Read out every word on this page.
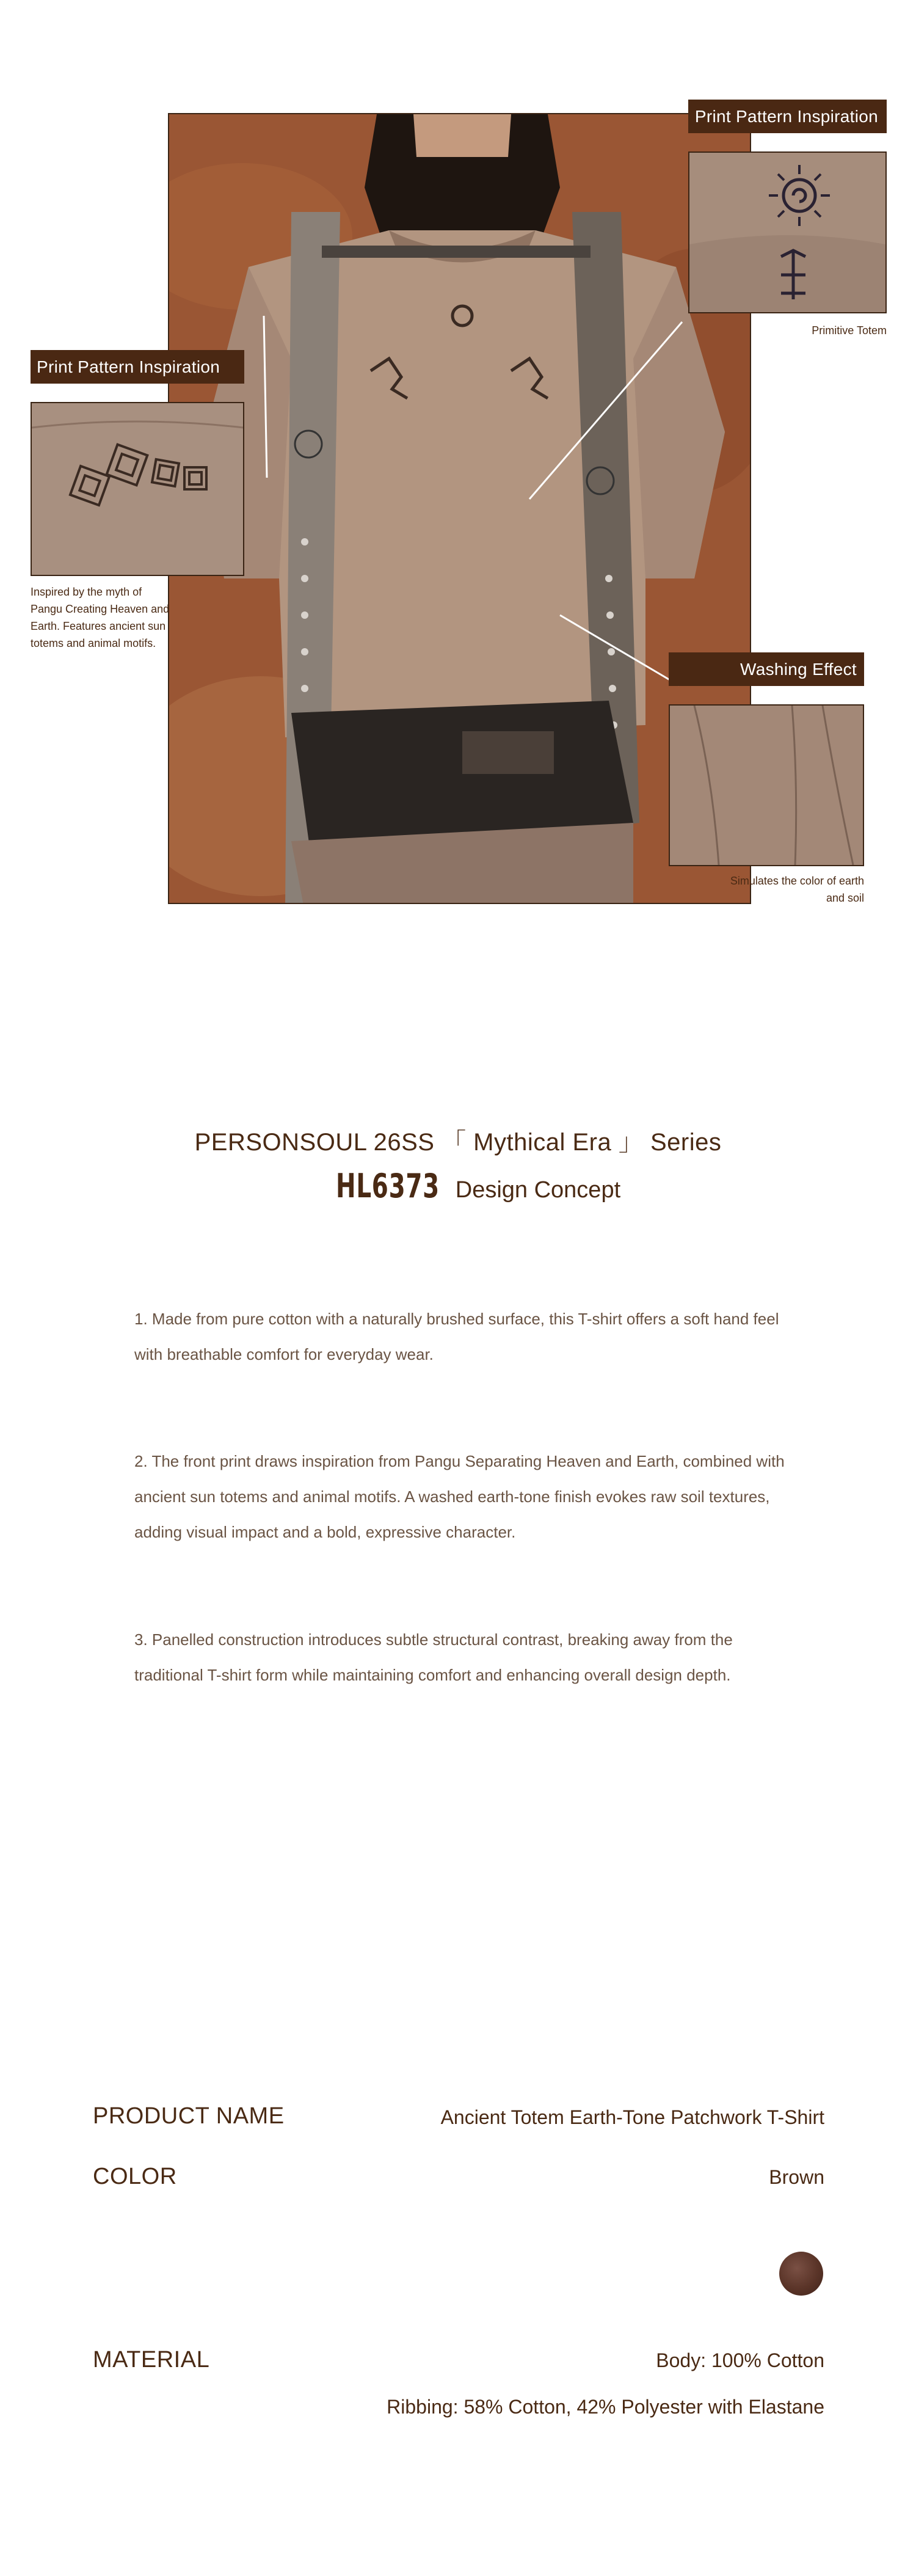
Print Pattern Inspiration
Primitive Totem
Print Pattern Inspiration
Inspired by the myth of Pangu Creating Heaven and Earth. Features ancient sun totems and animal motifs.
Washing Effect
Simulates the color of earth and soil
PERSONSOUL 26SS 「 Mythical Era 」 Series
HL6373 Design Concept
1. Made from pure cotton with a naturally brushed surface, this T-shirt offers a soft hand feel with breathable comfort for everyday wear.
2. The front print draws inspiration from Pangu Separating Heaven and Earth, combined with ancient sun totems and animal motifs. A washed earth-tone finish evokes raw soil textures, adding visual impact and a bold, expressive character.
3. Panelled construction introduces subtle structural contrast, breaking away from the traditional T-shirt form while maintaining comfort and enhancing overall design depth.
PRODUCT NAME	Ancient Totem Earth-Tone Patchwork T-Shirt
COLOR	Brown
MATERIAL	Body: 100% Cotton
Ribbing: 58% Cotton, 42% Polyester with Elastane
